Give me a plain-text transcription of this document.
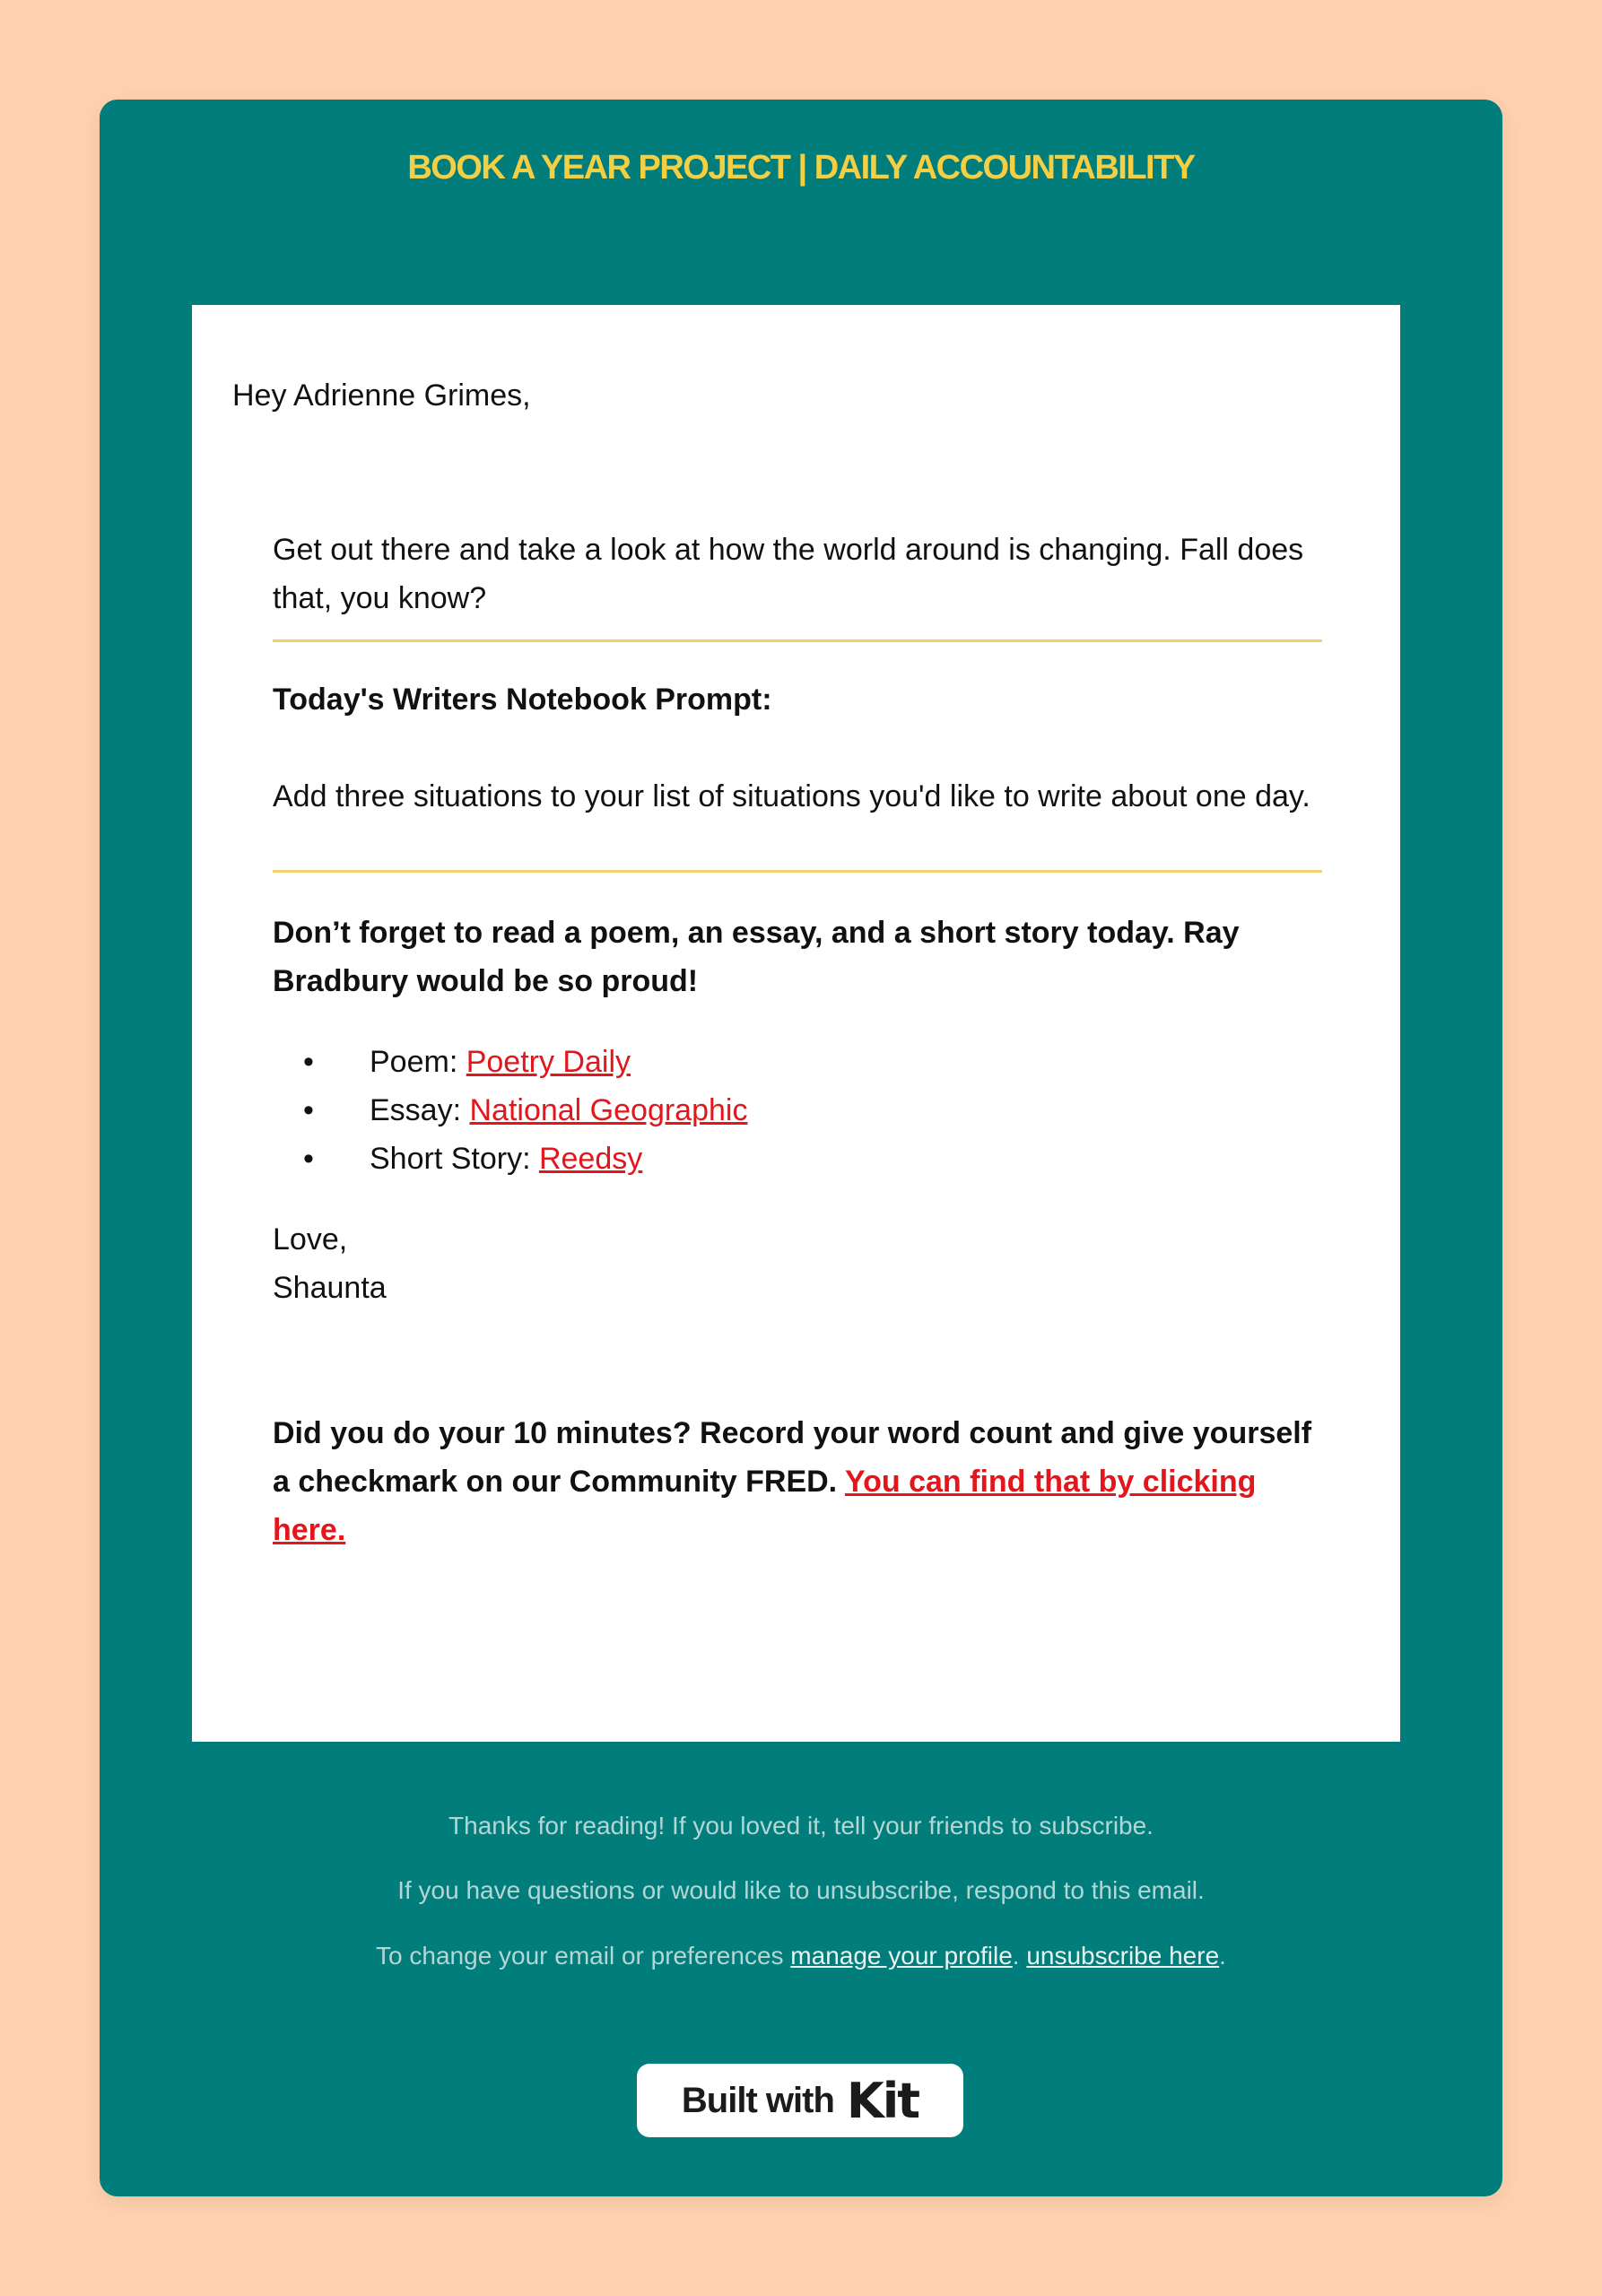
BOOK A YEAR PROJECT | DAILY ACCOUNTABILITY
Hey Adrienne Grimes,

Get out there and take a look at how the world around is changing. Fall does that, you know?

Today's Writers Notebook Prompt:

Add three situations to your list of situations you'd like to write about one day.

Don’t forget to read a poem, an essay, and a short story today. Ray Bradbury would be so proud!

• Poem: Poetry Daily
• Essay: National Geographic
• Short Story: Reedsy

Love,

Shaunta

Did you do your 10 minutes? Record your word count and give yourself a checkmark on our Community FRED. You can find that by clicking here.

Thanks for reading! If you loved it, tell your friends to subscribe.
If you have questions or would like to unsubscribe, respond to this email.
To change your email or preferences manage your profile. unsubscribe here.
Built with Kit
